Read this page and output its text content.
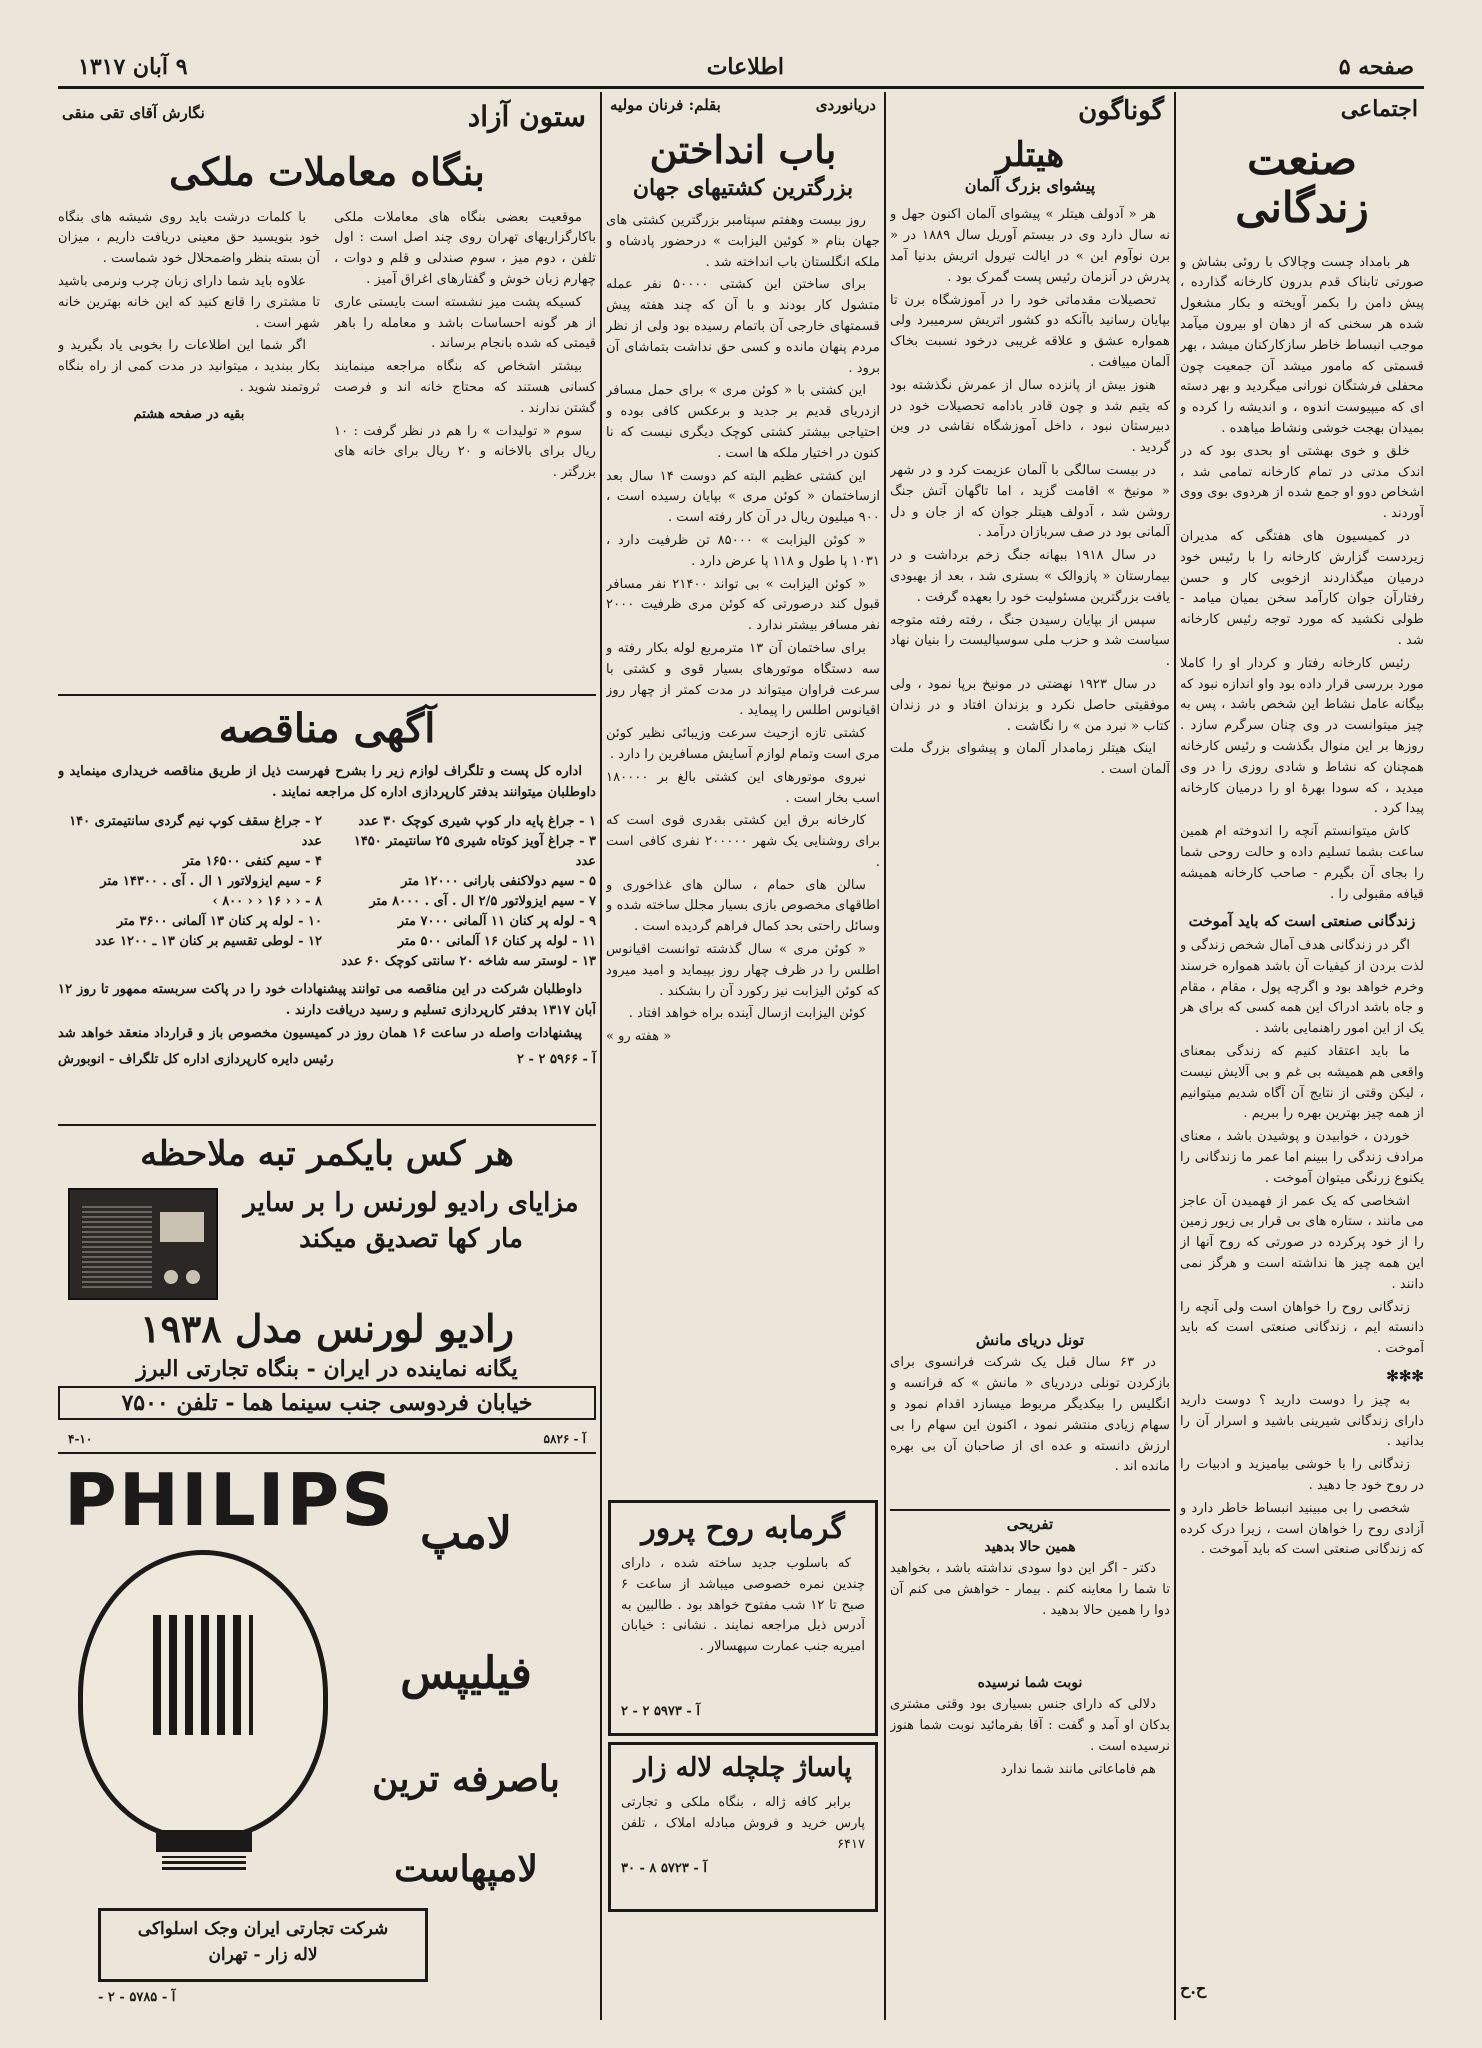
صفحه ۵
اطلاعات
۹ آبان ۱۳۱۷
اجتماعی
صنعت زندگانی

هر بامداد چست وچالاک با روئی بشاش و صورتی تابناک قدم بدرون کارخانه گذارده ، پیش دامن را بکمر آویخته و بکار مشغول شده هر سخنی که از دهان او بیرون میآمد موجب انبساط خاطر سازکارکنان میشد ، بهر قسمتی که مامور میشد آن جمعیت چون محفلی فرشتگان نورانی میگردید و بهر دسته ای که میپیوست اندوه ، و اندیشه را کرده و بمیدان بهجت خوشی ونشاط میاهده .

خلق و خوی بهشتی او بحدی بود که در اندک مدتی در تمام کارخانه تمامی شد ، اشخاص دوو او جمع شده از هردوی بوی ووی آوردند .

در کمیسیون های هفتگی که مدیران زیردست گزارش کارخانه را با رئیس خود درمیان میگذاردند ازخوبی کار و حسن رفتارآن جوان کارآمد سخن بمیان میامد - طولی نکشید که مورد توجه رئیس کارخانه شد .

رئیس کارخانه رفتار و کردار او را کاملا مورد بررسی قرار داده بود واو اندازه نبود که بیگانه عامل نشاط این شخص باشد ، پس به چیز میتوانست در وی چنان سرگرم سازد . روزها بر این منوال بگذشت و رئیس کارخانه همچنان که نشاط و شادی روزی را در وی میدید ، که سودا بهرهٔ او را درمیان کارخانه پیدا کرد .

کاش میتوانستم آنچه را اندوخته ام همین ساعت بشما تسلیم داده و حالت روحی شما را بجای آن بگیرم - صاحب کارخانه همیشه قیافه مقبولی را .

زندگانی صنعتی است که باید آموخت

اگر در زندگانی هدف آمال شخص زندگی و لذت بردن از کیفیات آن باشد همواره خرسند وخرم خواهد بود و اگرچه پول ، مقام ، مقام و جاه باشد ادراک این همه کسی که برای هر یک از این امور راهنمایی باشد .

ما باید اعتقاد کنیم که زندگی بمعنای واقعی هم همیشه بی غم و بی آلایش نیست ، لیکن وقتی از نتایج آن آگاه شدیم میتوانیم از همه چیز بهترین بهره را ببریم .

خوردن ، خوابیدن و پوشیدن باشد ، معنای مرادف زندگی را ببینم اما عمر ما زندگانی را یکنوع زرنگی میتوان آموخت .

اشخاصی که یک عمر از فهمیدن آن عاجز می مانند ، ستاره های بی قرار بی زیور زمین را از خود پرکرده در صورتی که روح آنها از این همه چیز ها نداشته است و هرگز نمی دانند .

زندگانی روح را خواهان است ولی آنچه را دانسته ایم ، زندگانی صنعتی است که باید آموخت .

✻✻✻

به چیز را دوست دارید ؟ دوست دارید دارای زندگانی شیرینی باشید و اسرار آن را بدانید .

زندگانی را با خوشی بیامیزید و ادبیات را در روح خود جا دهید .

شخصی را بی مبینید انبساط خاطر دارد و آزادی روح را خواهان است ، زیرا درک کرده که زندگانی صنعتی است که باید آموخت .

ح.ح
گوناگون
هیتلر
پیشوای بزرگ آلمان

هر « آدولف هیتلر » پیشوای آلمان اکنون جهل و نه سال دارد وی در بیستم آوریل سال ۱۸۸۹ در « برن نوآوم این » در ایالت تیرول اتریش بدنیا آمد پدرش در آنزمان رئیس پست گمرک بود .

تحصیلات مقدماتی خود را در آموزشگاه برن تا بپایان رسانید باآنکه دو کشور اتریش سرمیبرد ولی همواره عشق و علاقه غریبی درخود نسبت بخاک آلمان مییافت .

هنوز بیش از پانزده سال از عمرش نگذشته بود که یتیم شد و چون قادر بادامه تحصیلات خود در دبیرستان نبود ، داخل آموزشگاه نقاشی در وین گردید .

در بیست سالگی با آلمان عزیمت کرد و در شهر « مونیخ » اقامت گزید ، اما تاگهان آتش جنگ روشن شد ، آدولف هیتلر جوان که از جان و دل آلمانی بود در صف سربازان درآمد .

در سال ۱۹۱۸ ببهانه جنگ زخم برداشت و در بیمارستان « پازوالک » بستری شد ، بعد از بهبودی یافت بزرگترین مسئولیت خود را بعهده گرفت .

سپس از بپایان رسیدن جنگ ، رفته رفته متوجه سیاست شد و حزب ملی سوسیالیست را بنیان نهاد .

در سال ۱۹۲۳ نهضتی در مونیخ برپا نمود ، ولی موفقیتی حاصل نکرد و بزندان افتاد و در زندان کتاب « نبرد من » را نگاشت .

اینک هیتلر زمامدار آلمان و پیشوای بزرگ ملت آلمان است .

تونل دریای مانش

در ۶۳ سال قبل یک شرکت فرانسوی برای بازکردن تونلی دردریای « مانش » که فرانسه و انگلیس را بیکدیگر مربوط میسازد اقدام نمود و سهام زیادی منتشر نمود ، اکنون این سهام را بی ارزش دانسته و عده ای از صاحبان آن بی بهره مانده اند .

تفریحی
همین حالا بدهید

دکتر - اگر این دوا سودی نداشته باشد ، بخواهید تا شما را معاینه کنم . بیمار - خواهش می کنم آن دوا را همین حالا بدهید .

نوبت شما نرسیده

دلالی که دارای جنس بسیاری بود وقتی مشتری بدکان او آمد و گفت : آقا بفرمائید نوبت شما هنوز نرسیده است .

هم فاماعاتی مانند شما ندارد

دریانوردی
بقلم: فرنان مولیه
باب انداختن
بزرگترین کشتیهای جهان

روز بیست وهفتم سپتامبر بزرگترین کشتی های جهان بنام « کوئین الیزابت » درحضور پادشاه و ملکه انگلستان باب انداخته شد .

برای ساختن این کشتی ۵۰۰۰۰ نفر عمله متشول کار بودند و با آن که چند هفته پیش قسمتهای خارجی آن باتمام رسیده بود ولی از نظر مردم پنهان مانده و کسی حق نداشت بتماشای آن برود .

این کشتی با « کوئن مری » برای حمل مسافر ازدریای قدیم بر جدید و برعکس کافی بوده و احتیاجی بیشتر کشتی کوچک دیگری نیست که نا کنون در اختیار ملکه ها است .

این کشتی عظیم البته کم دوست ۱۴ سال بعد ازساختمان « کوئن مری » بپایان رسیده است ، ۹۰۰ میلیون ریال در آن کار رفته است .

« کوئن الیزابت » ۸۵۰۰۰ تن ظرفیت دارد ، ۱۰۳۱ پا طول و ۱۱۸ پا عرض دارد .

« کوئن الیزابت » بی تواند ۲۱۴۰۰ نفر مسافر قبول کند درصورتی که کوئن مری ظرفیت ۲۰۰۰ نفر مسافر بیشتر ندارد .

برای ساختمان آن ۱۳ مترمربع لوله بکار رفته و سه دستگاه موتورهای بسیار قوی و کشتی با سرعت فراوان میتواند در مدت کمتر از چهار روز اقیانوس اطلس را پیماید .

کشتی تازه ازحیث سرعت وزیبائی نظیر کوئن مری است وتمام لوازم آسایش مسافرین را دارد .

نیروی موتورهای این کشتی بالغ بر ۱۸۰۰۰۰ اسب بخار است .

کارخانه برق این کشتی بقدری قوی است که برای روشنایی یک شهر ۲۰۰۰۰۰ نفری کافی است .

سالن های حمام ، سالن های غذاخوری و اطاقهای مخصوص بازی بسیار مجلل ساخته شده و وسائل راحتی بحد کمال فراهم گردیده است .

« کوئن مری » سال گذشته توانست اقیانوس اطلس را در ظرف چهار روز بپیماید و امید میرود که کوئن الیزابت نیز رکورد آن را بشکند .

کوئن الیزابت ازسال آینده براه خواهد افتاد .

« هفته رو »
گرمابه روح پرور

که باسلوب جدید ساخته شده ، دارای چندین نمره خصوصی میباشد از ساعت ۶ صبح تا ۱۲ شب مفتوح خواهد بود . طالبین به آدرس ذیل مراجعه نمایند . نشانی : خیابان امیریه جنب عمارت سپهسالار .

آ - ۵۹۷۳ ۲ - ۲
پاساژ چلچله لاله زار

برابر کافه ژاله ، بنگاه ملکی و تجارتی پارس خرید و فروش مبادله املاک ، تلفن ۶۴۱۷

آ - ۵۷۲۳ ۸ - ۳۰
ستون آزاد
نگارش آقای تقی منقی
بنگاه معاملات ملکی

موقعیت بعضی بنگاه های معاملات ملکی باکارگزاریهای تهران روی چند اصل است : اول تلفن ، دوم میز ، سوم صندلی و قلم و دوات ، چهارم زبان خوش و گفتارهای اغراق آمیز .

کسیکه پشت میز نشسته است بایستی عاری از هر گونه احساسات باشد و معامله را باهر قیمتی که شده بانجام برساند .

بیشتر اشخاص که بنگاه مراجعه مینمایند کسانی هستند که محتاج خانه اند و فرصت گشتن ندارند .

سوم « تولیدات » را هم در نظر گرفت : ۱۰ ریال برای بالاخانه و ۲۰ ریال برای خانه های بزرگتر .

با کلمات درشت باید روی شیشه های بنگاه خود بنویسید حق معینی دریافت داریم ، میزان آن بسته بنظر واضمحلال خود شماست .

علاوه باید شما دارای زبان چرب ونرمی باشید تا مشتری را قانع کنید که این خانه بهترین خانه شهر است .

اگر شما این اطلاعات را بخوبی یاد بگیرید و بکار ببندید ، میتوانید در مدت کمی از راه بنگاه ثروتمند شوید .

بقیه در صفحه هشتم
آگهی مناقصه

اداره کل پست و تلگراف لوازم زیر را بشرح فهرست ذیل از طریق مناقصه خریداری مینماید و داوطلبان میتوانند بدفتر کارپردازی اداره کل مراجعه نمایند .

۱ - جراغ پایه دار کوپ شیری کوچک ۳۰ عدد
۳ - جراغ آویز کوتاه شیری ۲۵ سانتیمتر ۱۴۵۰ عدد
۵ - سیم دولاکنفی بارانی ۱۲۰۰۰ متر
۷ - سیم ایزولاتور ۲/۵ ال . آی . ۸۰۰۰ متر
۹ - لوله پر کنان ۱۱ آلمانی ۷۰۰۰ متر
۱۱ - لوله پر کنان ۱۶ آلمانی ۵۰۰ متر
۱۳ - لوستر سه شاخه ۲۰ سانتی کوچک ۶۰ عدد
۲ - جراغ سقف کوپ نیم گردی سانتیمتری ۱۴۰ عدد
۴ - سیم کنفی ۱۶۵۰۰ متر
۶ - سیم ایزولاتور ۱ ال . آی . ۱۴۳۰۰ متر
۸ - ‹ ‹ ۱۶ ‹ ‹ ۸۰۰ ›
۱۰ - لوله پر کنان ۱۳ آلمانی ۳۶۰۰ متر
۱۲ - لوطی تقسیم بر کنان ۱۳ ـ ۱۲۰۰ عدد

داوطلبان شرکت در این مناقصه می توانند پیشنهادات خود را در پاکت سربسته ممهور تا روز ۱۲ آبان ۱۳۱۷ بدفتر کارپردازی تسلیم و رسید دریافت دارند .

پیشنهادات واصله در ساعت ۱۶ همان روز در کمیسیون مخصوص باز و قرارداد منعقد خواهد شد

آ - ۵۹۶۶ ۲ - ۲
رئیس دایره کارپردازی اداره کل تلگراف - انوبورش
هر کس بایکمر تبه ملاحظه
مزایای رادیو لورنس را بر سایر
مار کها تصدیق میکند
رادیو لورنس مدل ۱۹۳۸
یگانه نماینده در ایران - بنگاه تجارتی البرز
خیابان فردوسی جنب سینما هما - تلفن ۷۵۰۰
آ - ۵۸۲۶
۴-۱۰
PHILIPS لامپ
فیلیپس
باصرفه ترین
لامپهاست
شرکت تجارتی ایران وجک اسلواکی
لاله زار - تهران
آ - ۵۷۸۵ - ۲ -
